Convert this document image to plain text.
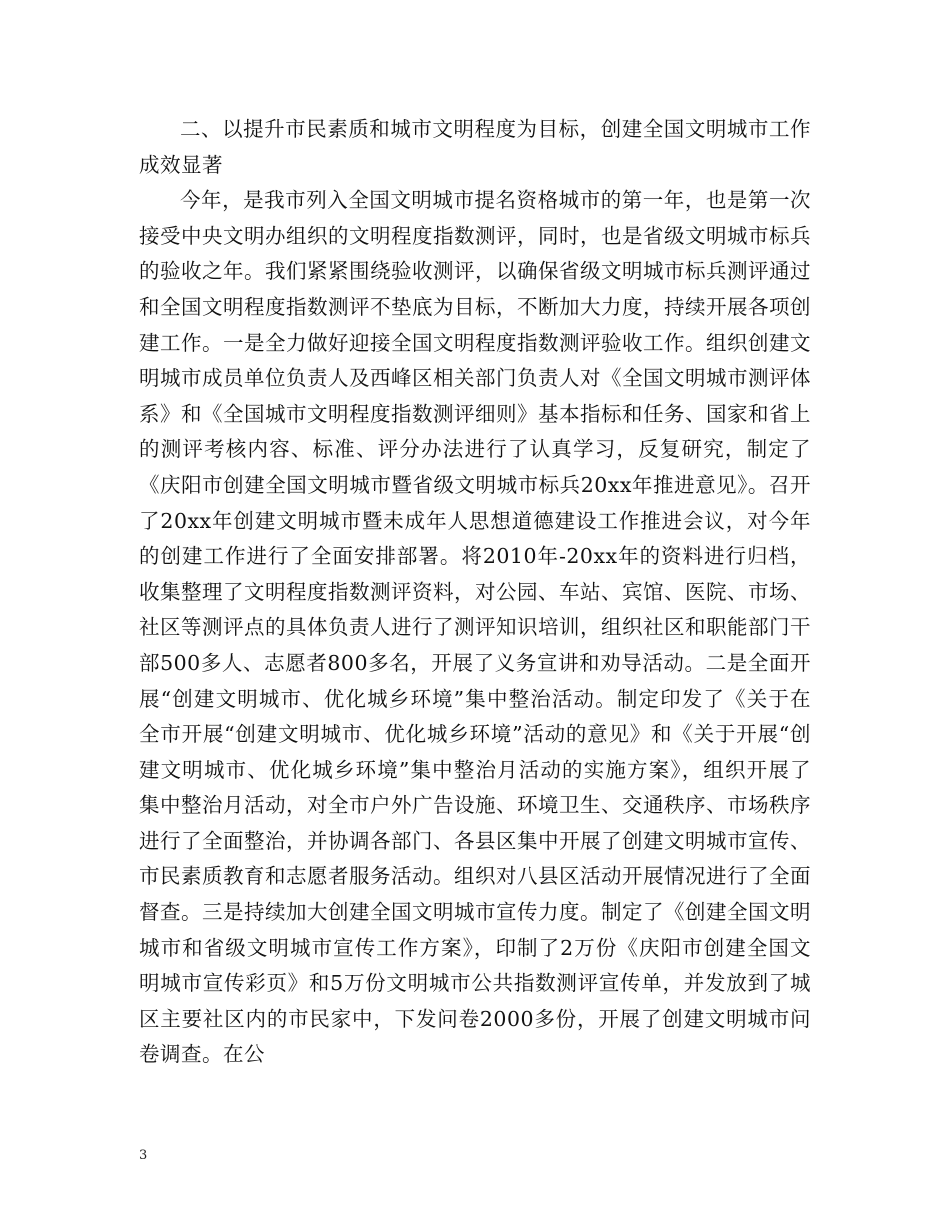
二、以提升市民素质和城市文明程度为目标，创建全国文明城市工作成效显著

今年，是我市列入全国文明城市提名资格城市的第一年，也是第一次接受中央文明办组织的文明程度指数测评，同时，也是省级文明城市标兵的验收之年。我们紧紧围绕验收测评，以确保省级文明城市标兵测评通过和全国文明程度指数测评不垫底为目标，不断加大力度，持续开展各项创建工作。一是全力做好迎接全国文明程度指数测评验收工作。组织创建文明城市成员单位负责人及西峰区相关部门负责人对《全国文明城市测评体系》和《全国城市文明程度指数测评细则》基本指标和任务、国家和省上的测评考核内容、标准、评分办法进行了认真学习，反复研究，制定了《庆阳市创建全国文明城市暨省级文明城市标兵20xx年推进意见》。召开了20xx年创建文明城市暨未成年人思想道德建设工作推进会议，对今年的创建工作进行了全面安排部署。将2010年-20xx年的资料进行归档，收集整理了文明程度指数测评资料，对公园、车站、宾馆、医院、市场、社区等测评点的具体负责人进行了测评知识培训，组织社区和职能部门干部500多人、志愿者800多名，开展了义务宣讲和劝导活动。二是全面开展“创建文明城市、优化城乡环境”集中整治活动。制定印发了《关于在全市开展“创建文明城市、优化城乡环境”活动的意见》和《关于开展“创建文明城市、优化城乡环境”集中整治月活动的实施方案》，组织开展了集中整治月活动，对全市户外广告设施、环境卫生、交通秩序、市场秩序进行了全面整治，并协调各部门、各县区集中开展了创建文明城市宣传、市民素质教育和志愿者服务活动。组织对八县区活动开展情况进行了全面督查。三是持续加大创建全国文明城市宣传力度。制定了《创建全国文明城市和省级文明城市宣传工作方案》，印制了2万份《庆阳市创建全国文明城市宣传彩页》和5万份文明城市公共指数测评宣传单，并发放到了城区主要社区内的市民家中，下发问卷2000多份，开展了创建文明城市问卷调查。在公

3
